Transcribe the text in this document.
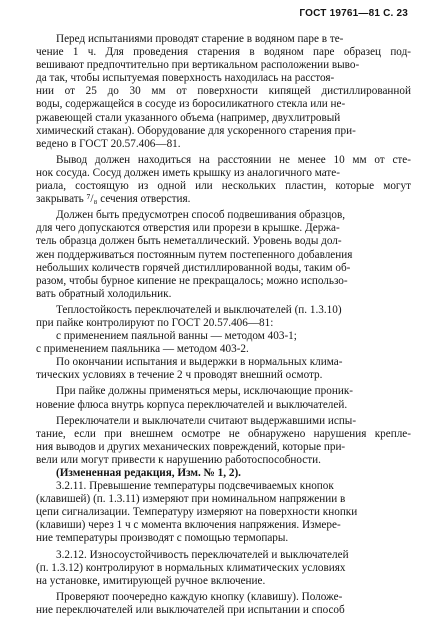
ГОСТ 19761—81 С. 23
Перед испытаниями проводят старение в водяном паре в те-
чение 1 ч. Для проведения старения в водяном паре образец под-
вешивают предпочтительно при вертикальном расположении выво-
да так, чтобы испытуемая поверхность находилась на расстоя-
нии от 25 до 30 мм от поверхности кипящей дистиллированной
воды, содержащейся в сосуде из боросиликатного стекла или не-
ржавеющей стали указанного объема (например, двухлитровый
химический стакан). Оборудование для ускоренного старения при-
ведено в ГОСТ 20.57.406—81.
Вывод должен находиться на расстоянии не менее 10 мм от сте-
нок сосуда. Сосуд должен иметь крышку из аналогичного мате-
риала, состоящую из одной или нескольких пластин, которые могут
закрывать ⁷/₈ сечения отверстия.
Должен быть предусмотрен способ подвешивания образцов,
для чего допускаются отверстия или прорези в крышке. Держа-
тель образца должен быть неметаллический. Уровень воды дол-
жен поддерживаться постоянным путем постепенного добавления
небольших количеств горячей дистиллированной воды, таким об-
разом, чтобы бурное кипение не прекращалось; можно использо-
вать обратный холодильник.
Теплостойкость переключателей и выключателей (п. 1.3.10)
при пайке контролируют по ГОСТ 20.57.406—81:
с применением паяльной ванны — методом 403-1;
с применением паяльника — методом 403-2.
По окончании испытания и выдержки в нормальных клима-
тических условиях в течение 2 ч проводят внешний осмотр.
При пайке должны применяться меры, исключающие проник-
новение флюса внутрь корпуса переключателей и выключателей.
Переключатели и выключатели считают выдержавшими испы-
тание, если при внешнем осмотре не обнаружено нарушения крепле-
ния выводов и других механических повреждений, которые при-
вели или могут привести к нарушению работоспособности.
(Измененная редакция, Изм. № 1, 2).
3.2.11. Превышение температуры подсвечиваемых кнопок
(клавишей) (п. 1.3.11) измеряют при номинальном напряжении в
цепи сигнализации. Температуру измеряют на поверхности кнопки
(клавиши) через 1 ч с момента включения напряжения. Измере-
ние температуры производят с помощью термопары.
3.2.12. Износоустойчивость переключателей и выключателей
(п. 1.3.12) контролируют в нормальных климатических условиях
на установке, имитирующей ручное включение.
Проверяют поочередно каждую кнопку (клавишу). Положе-
ние переключателей или выключателей при испытании и способ
